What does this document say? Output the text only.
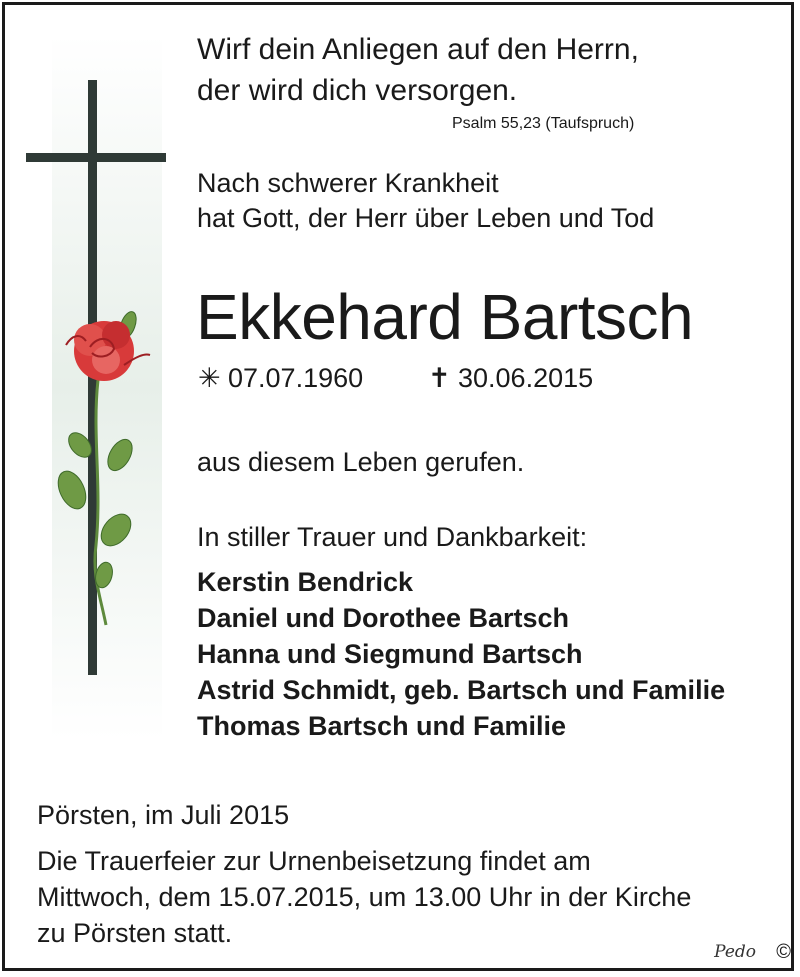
Wirf dein Anliegen auf den Herrn,
der wird dich versorgen.
Psalm 55,23 (Taufspruch)
Nach schwerer Krankheit
hat Gott, der Herr über Leben und Tod
Ekkehard Bartsch
✳ 07.07.1960 ✝ 30.06.2015
aus diesem Leben gerufen.
In stiller Trauer und Dankbarkeit:
Kerstin Bendrick
Daniel und Dorothee Bartsch
Hanna und Siegmund Bartsch
Astrid Schmidt, geb. Bartsch und Familie
Thomas Bartsch und Familie
Pörsten, im Juli 2015
Die Trauerfeier zur Urnenbeisetzung findet am
Mittwoch, dem 15.07.2015, um 13.00 Uhr in der Kirche
zu Pörsten statt.
Pedo ©
